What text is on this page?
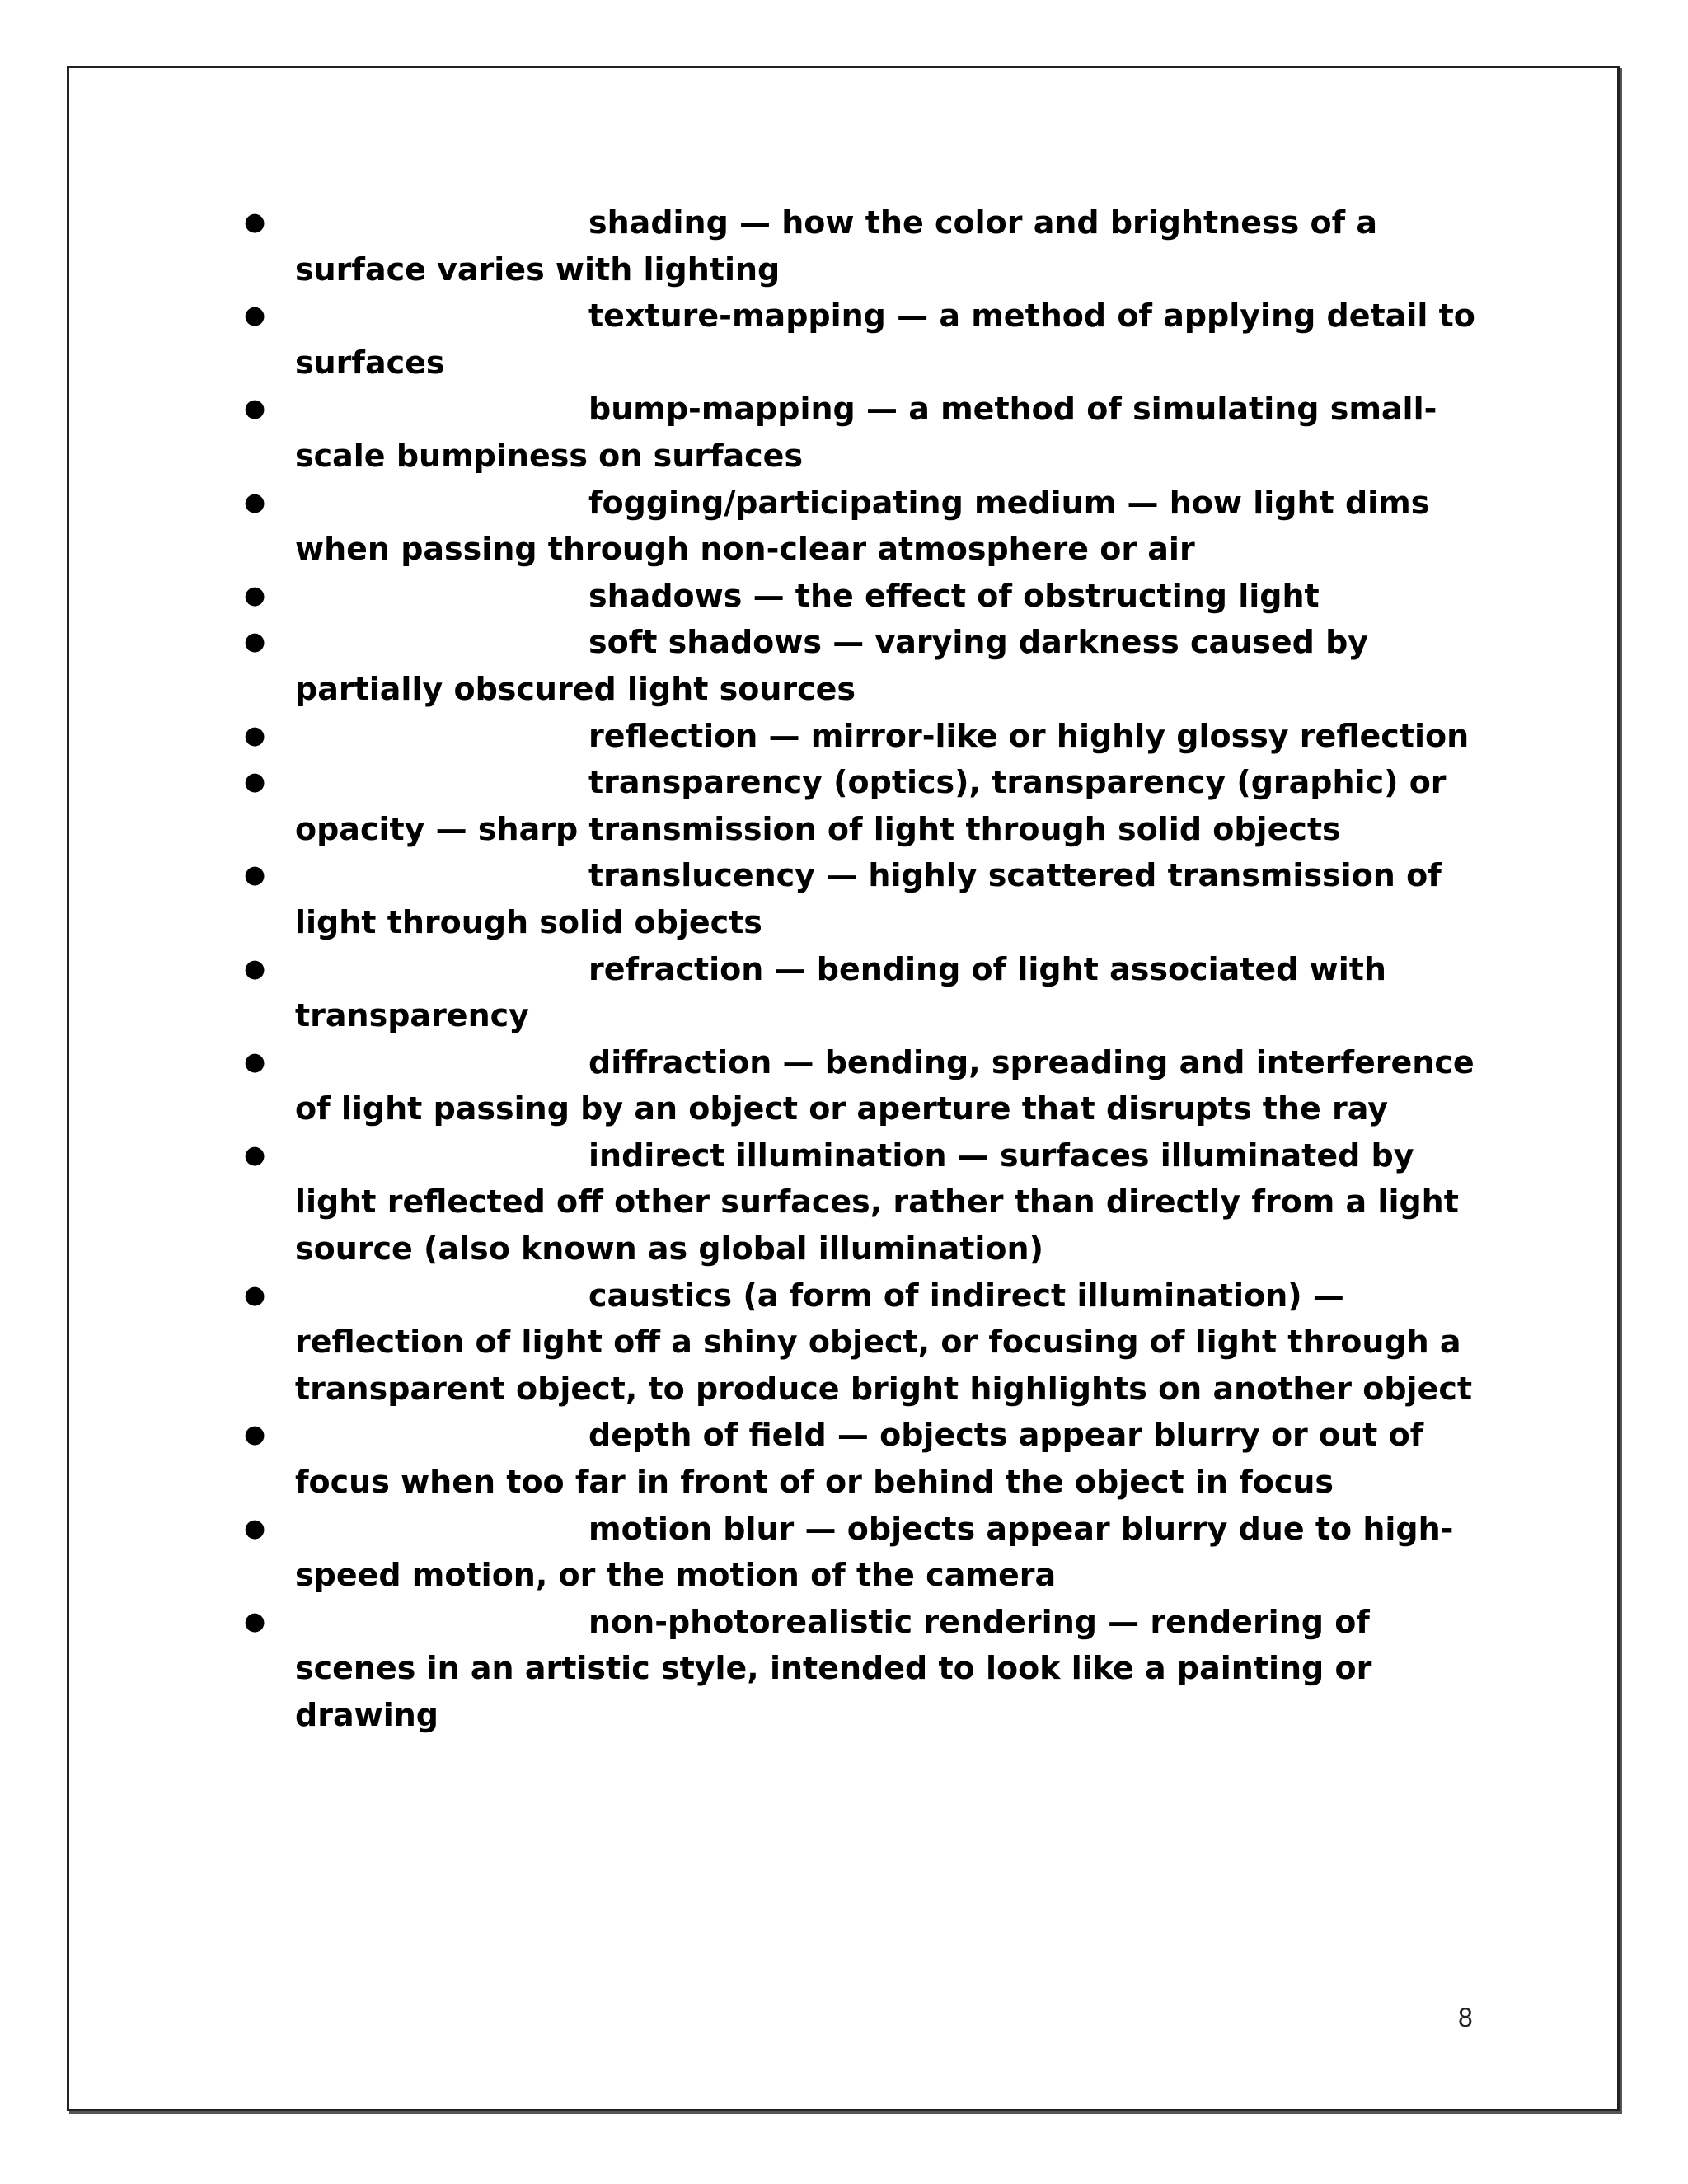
●	shading — how the color and brightness of a surface varies with lighting
●	texture-mapping — a method of applying detail to surfaces
●	bump-mapping — a method of simulating small-scale bumpiness on surfaces
●	fogging/participating medium — how light dims when passing through non-clear atmosphere or air
●	shadows — the effect of obstructing light
●	soft shadows — varying darkness caused by partially obscured light sources
●	reflection — mirror-like or highly glossy reflection
●	transparency (optics), transparency (graphic) or opacity — sharp transmission of light through solid objects
●	translucency — highly scattered transmission of light through solid objects
●	refraction — bending of light associated with transparency
●	diffraction — bending, spreading and interference of light passing by an object or aperture that disrupts the ray
●	indirect illumination — surfaces illuminated by light reflected off other surfaces, rather than directly from a light source (also known as global illumination)
●	caustics (a form of indirect illumination) — reflection of light off a shiny object, or focusing of light through a transparent object, to produce bright highlights on another object
●	depth of field — objects appear blurry or out of focus when too far in front of or behind the object in focus
●	motion blur — objects appear blurry due to high-speed motion, or the motion of the camera
●	non-photorealistic rendering — rendering of scenes in an artistic style, intended to look like a painting or drawing
8
